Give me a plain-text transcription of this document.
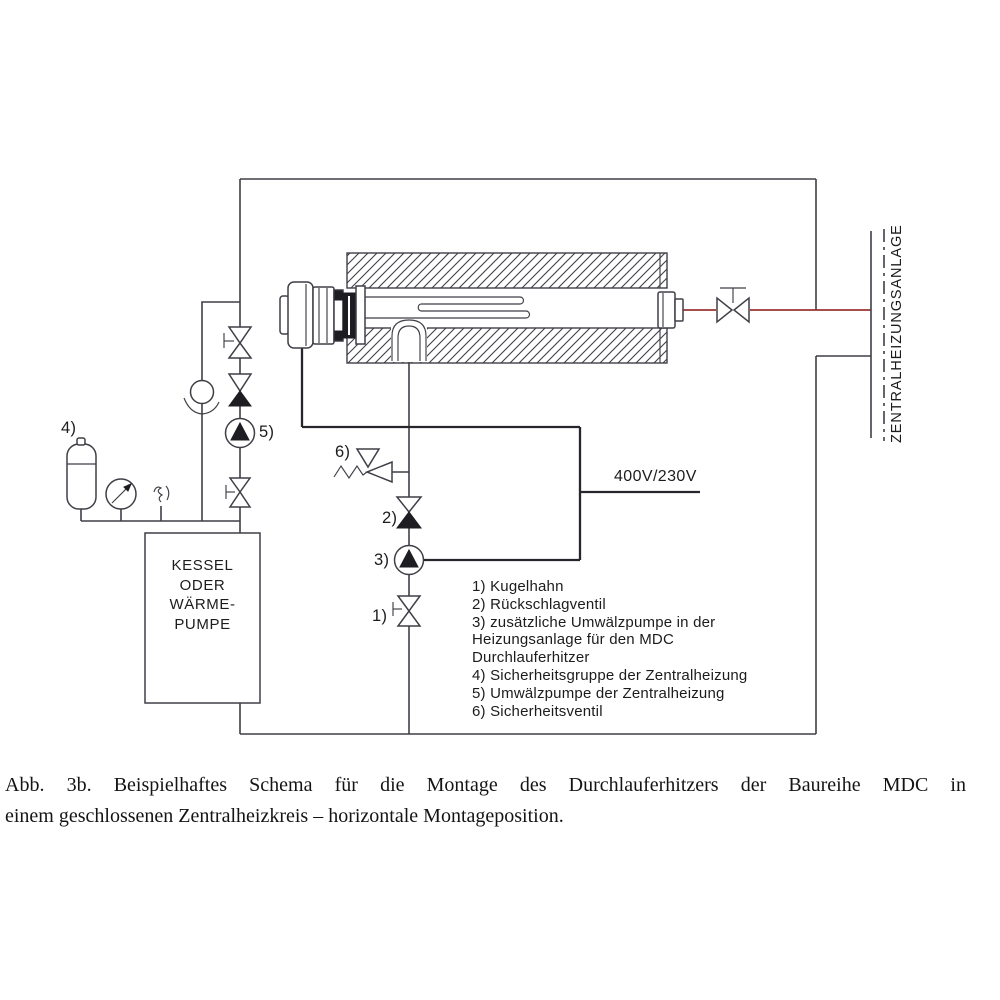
4)	5)
6)
2)
3)
1)
400V/230V
KESSEL
ODER
WÄRME-
PUMPE
ZENTRALHEIZUNGSANLAGE
1) Kugelhahn
2) Rückschlagventil
3) zusätzliche Umwälzpumpe in der
Heizungsanlage für den MDC
Durchlauferhitzer
4) Sicherheitsgruppe der Zentralheizung
5) Umwälzpumpe der Zentralheizung
6) Sicherheitsventil
Abb. 3b. Beispielhaftes Schema für die Montage des Durchlauferhitzers der Baureihe MDC in
einem geschlossenen Zentralheizkreis – horizontale Montageposition.
